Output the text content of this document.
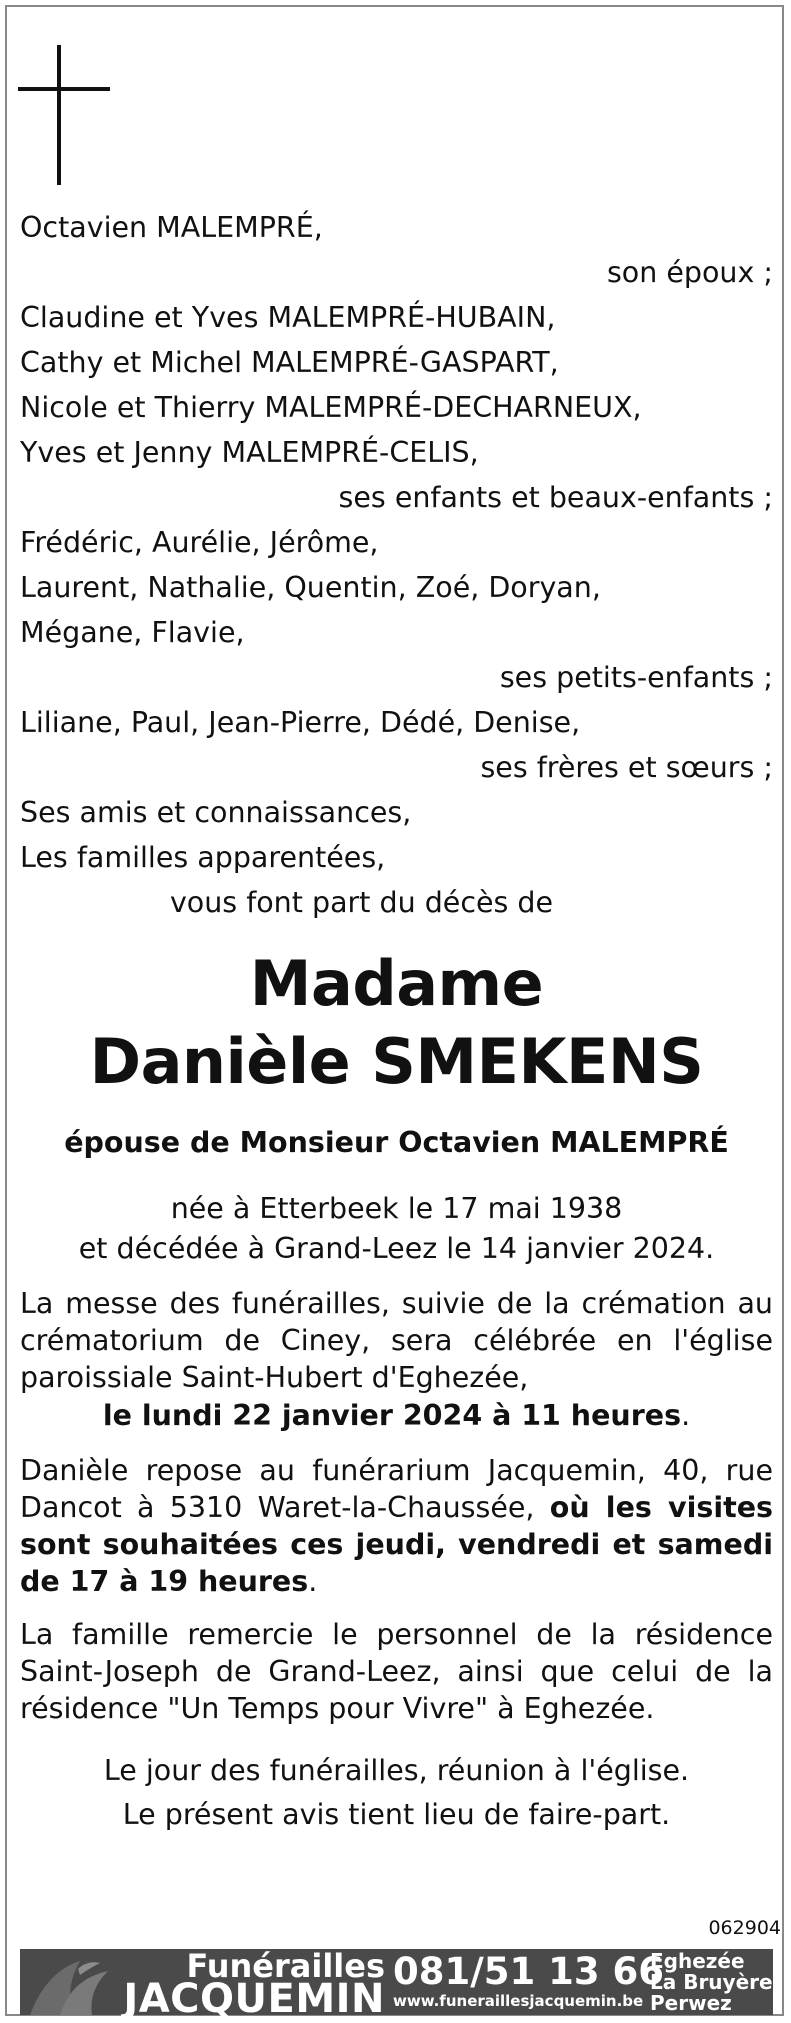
Octavien MALEMPRÉ,
son époux ;
Claudine et Yves MALEMPRÉ-HUBAIN,
Cathy et Michel MALEMPRÉ-GASPART,
Nicole et Thierry MALEMPRÉ-DECHARNEUX,
Yves et Jenny MALEMPRÉ-CELIS,
ses enfants et beaux-enfants ;
Frédéric, Aurélie, Jérôme,
Laurent, Nathalie, Quentin, Zoé, Doryan,
Mégane, Flavie,
ses petits-enfants ;
Liliane, Paul, Jean-Pierre, Dédé, Denise,
ses frères et sœurs ;
Ses amis et connaissances,
Les familles apparentées,
vous font part du décès de
Madame
Danièle SMEKENS
épouse de Monsieur Octavien MALEMPRÉ
née à Etterbeek le 17 mai 1938
et décédée à Grand-Leez le 14 janvier 2024.
La messe des funérailles, suivie de la crémation au crématorium de Ciney, sera célébrée en l'église paroissiale Saint-Hubert d'Eghezée,
le lundi 22 janvier 2024 à 11 heures.
Danièle repose au funérarium Jacquemin, 40, rue Dancot à 5310 Waret-la-Chaussée, où les visites sont souhaitées ces jeudi, vendredi et samedi de 17 à 19 heures.
La famille remercie le personnel de la résidence Saint-Joseph de Grand-Leez, ainsi que celui de la résidence "Un Temps pour Vivre" à Eghezée.
Le jour des funérailles, réunion à l'église.
Le présent avis tient lieu de faire-part.
062904
Funérailles
JACQUEMIN
081/51 13 66
www.funeraillesjacquemin.be
Eghezée
La Bruyère
Perwez
